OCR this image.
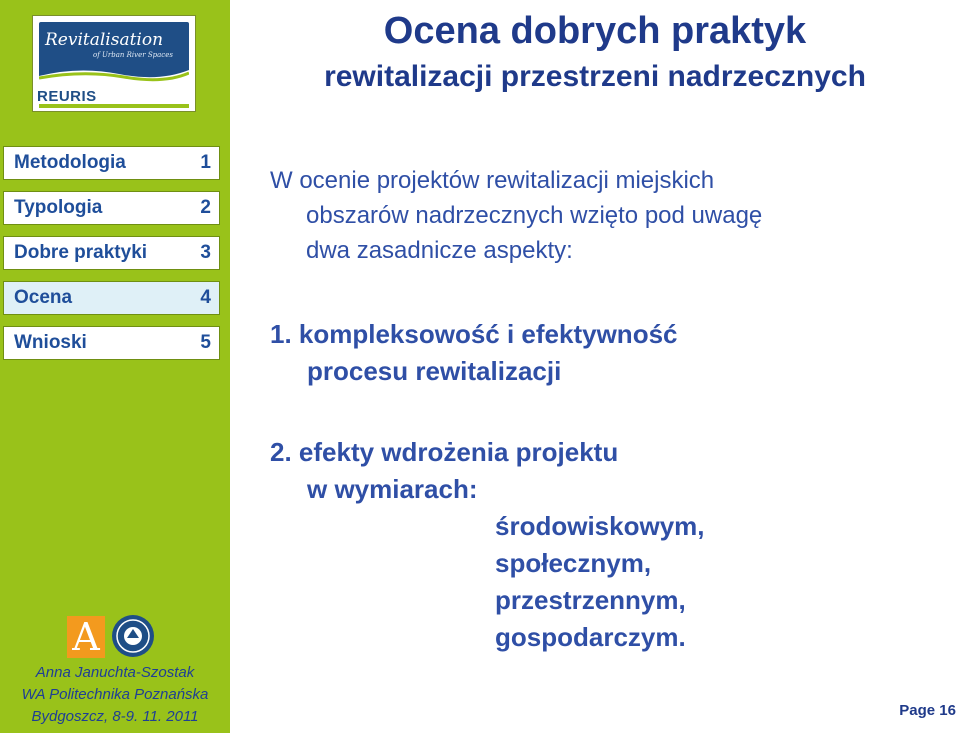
Revitalisation
of Urban River Spaces
REURIS
Metodologia	1
Typologia	2
Dobre praktyki	3
Ocena	4
Wnioski	5
A
Anna Januchta-Szostak
WA Politechnika Poznańska
Bydgoszcz, 8-9. 11. 2011
Ocena dobrych praktyk
rewitalizacji przestrzeni nadrzecznych
W ocenie projektów rewitalizacji miejskich
obszarów nadrzecznych wzięto pod uwagę
dwa zasadnicze aspekty:
1. kompleksowość i efektywność
procesu rewitalizacji
2. efekty wdrożenia projektu
w wymiarach:
środowiskowym,
społecznym,
przestrzennym,
gospodarczym.
Page 16
